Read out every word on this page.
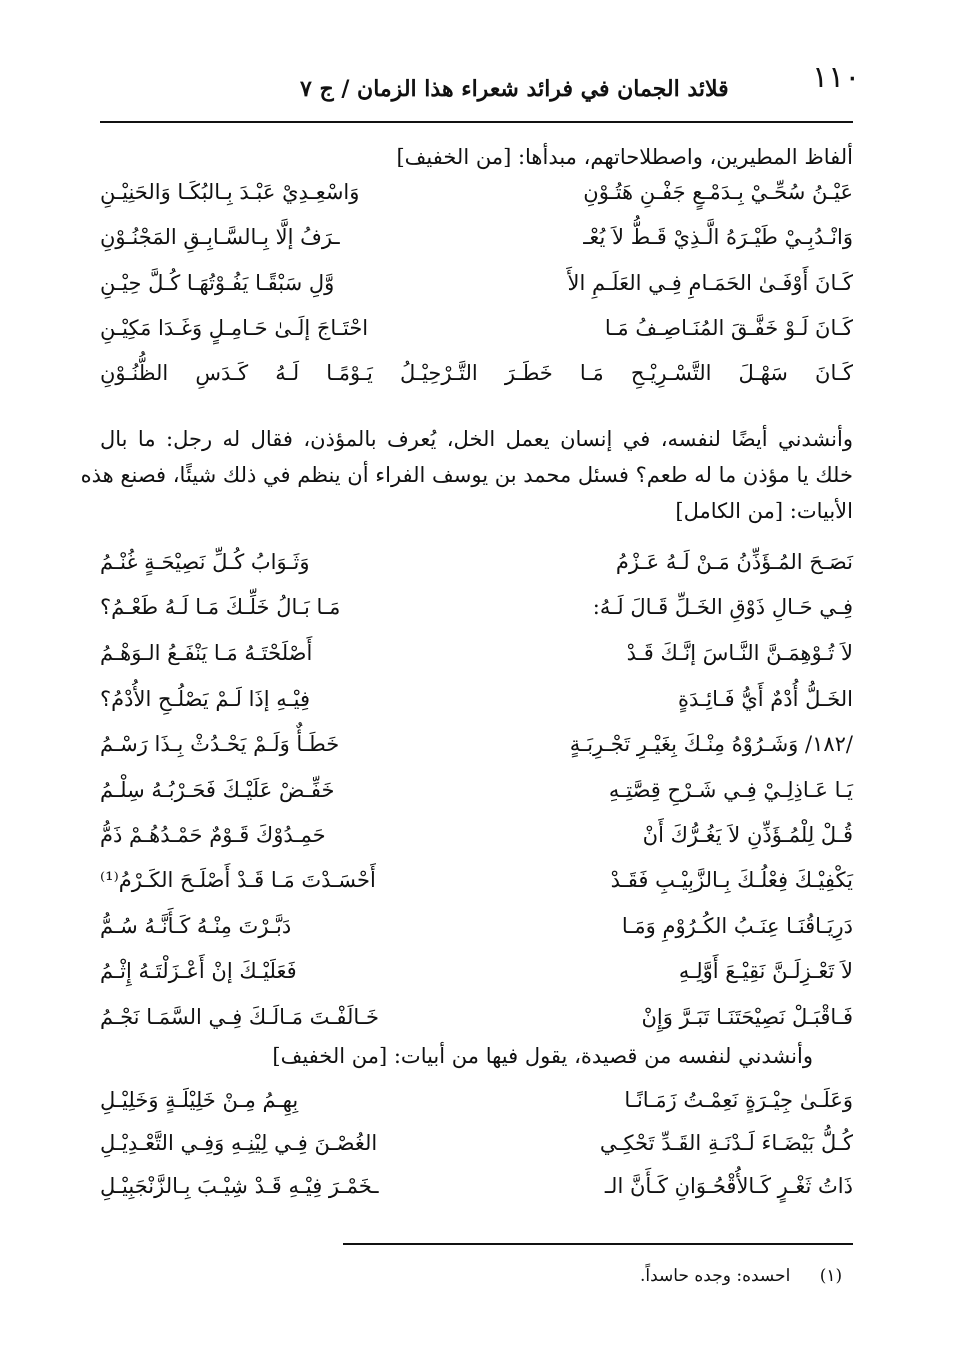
١١٠
قلائد الجمان في فرائد شعراء هذا الزمان / ج ٧
ألفاظ المطيرين، واصطلاحاتهم، مبدأها: [من الخفيف]
عَيْـنُ سُحِّـيْ بِـدَمْـعٍ جَفْـنِ هَتُـوْنِ
وَاسْعِـدِيْ عَبْـدَ بِـالبُكَـا وَالحَنِيْـنِ
وَانْـدُبِـيْ طَيْـرَهُ الَّـذِيْ قَـطُّ لاَ يُعْـ
ـرَفُ إلَّا بِـالسَّـابِـقِ المَجْنُـوْنِ
كَـانَ أَوْفَـىٰ الحَمَـامِ فِـي العَلَـمِ الأَ
وَّلِ سَبْقًـا يَفُـوْتُهَـا كُـلَّ حِيْـنِ
كَـانَ لَـوْ خَفَّـقَ المُنَـاصِـفُ مَـا
احْتَـاجَ إلَـىٰ حَـامِـلٍ وَغَـدَا مَكِيْـنِ
كَـانَ سَهْـلَ التَّسْـرِيْـحِ مَـا خَطَـرَ التَّـرْحِيْـلُ يَـوْمًـا لَـهُ كَـدَسِ الظُّنُـوْنِ
وأنشدني أيضًا لنفسه، في إنسان يعمل الخل، يُعرف بالمؤذن، فقال له رجل: ما بال
خلك يا مؤذن ما له طعم؟ فسئل محمد بن يوسف الفراء أن ينظم في ذلك شيئًا، فصنع هذه
الأبيات: [من الكامل]
نَصَـحَ المُـؤَذِّنُ مَـنْ لَـهُ عَـزْمُ
وَثَـوَابُ كُـلِّ نَصِيْحَـةٍ غُنْـمُ
فِـي حَـالِ ذَوْقِ الخَـلِّ قَـالَ لَـهُ:
مَـا بَـالُ خَلِّـكَ مَـا لَـهُ طَعْـمُ؟
لاَ تُـوْهِمَـنَّ النَّـاسَ إنَّـكَ قَـدْ
أَصْلَحْتَـهُ مَـا يَنْفَـعُ الـوَهْـمُ
الخَـلُّ أُدْمٌ أَيُّ فَـائِـدَةٍ
فِيْـهِ إذَا لَـمْ يَصْلُـحِ الأُدْمُ؟
/١٨٢/ وَشَـرُوْهُ مِنْـكَ بِغَيْـرِ تَجْـرِبَـةٍ
خَطَـأٌ وَلَـمْ يَحْـدُثْ بِـذَا رَسْـمُ
يَـا عَـاذِلِـيْ فِـي شَـرْحِ قِصَّتِـهِ
خَفِّـضْ عَلَيْـكَ فَحَـرْبُـهُ سِلْـمُ
قُـلْ لِلْمُـؤَذِّنِ لاَ يَغُـرُّكَ أَنْ
حَمِـدُوْكَ قَـوْمٌ حَمْـدُهُـمْ ذَمُّ
يَكْفِيْـكَ فِعْلُـكَ بِـالزَّبِيْـبِ فَقَـدْ
أَحْسَـدْتَ مَـا قَـدْ أَصْلَـحَ الكَـرْمُ⁽¹⁾
دَرِيَـاقُنَـا عِنَـبُ الكُـرُوْمِ وَمَـا
دَبَّـرْتَ مِنْـهُ كَـأَنَّـهُ سُـمُّ
لاَ تَعْـزِلَـنَّ نَقِيْـعَ أَوَّلِـهِ
فَعَلَيْـكَ إنْ أَعْـزَلْتَـهُ إِثْـمُ
فَـاقْبَـلْ نَصِيْحَتَنَـا تَبَـرَّ وَإِنْ
خَـالَفْـتَ مَـالَـكَ فِـي السَّمَـا نَجْـمُ
وأنشدني لنفسه من قصيدة، يقول فيها من أبيات: [من الخفيف]
وَعَلَـىٰ جِيْـرَةٍ نَعِمْـتُ زَمَـانًـا
بِهِـمُ مِـنْ خَلِيْلَـةٍ وَخَلِيْـلِ
كُـلُّ بَيْضَـاءَ لَـدْنَـةِ القَـدِّ تَحْكِـي
الغُصْـنَ فِـي لِيْنِـهِ وَفِـي التَّعْـدِيْـلِ
ذَاتُ ثَغْـرٍ كَـالأُقْحُـوَانِ كَـأَنَّ الـ
ـخَمْـرَ فِيْـهِ قَـدْ شِيْـبَ بِـالزَّنْجَبِيْـلِ
(١) احسده: وجده حاسداً.
